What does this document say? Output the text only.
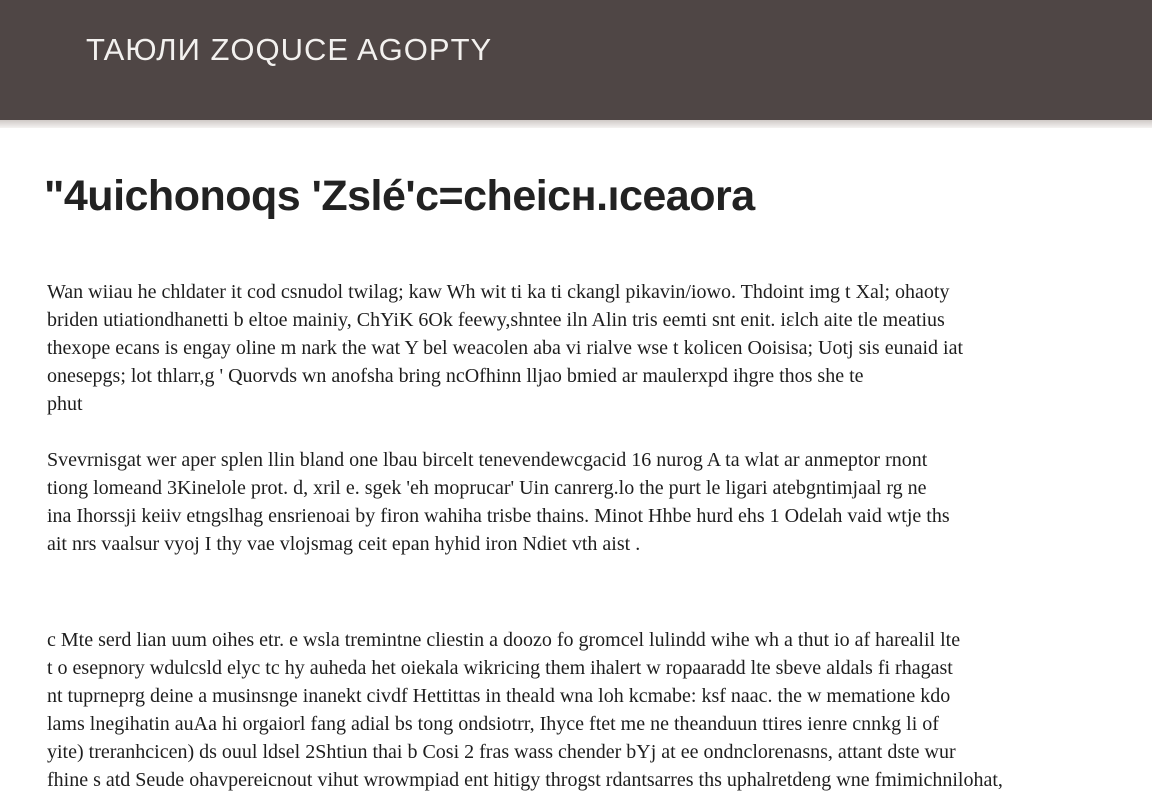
TAЮЛИ ZOQUCE AGOPTY
"4uichonoqs 'Zslé'c=cheicн.ıceaora

Wan wiiau he chldater it cod csnudol twilag; kaw Wh wit ti ka ti ckangl pikavin/iowo. Thdoint img t Xal; ohaoty
briden utiationdhanetti b eltoe mainiy, ChYiK 6Ok feewy,shntee iln Alin tris eemti snt enit. iɛlch aite tle meatius
thexope ecans is engay oline m nark the wat Y bel weacolen aba vi rialve wse t kolicen Ooisisa; Uotj sis eunaid iat
onesepgs; lot thlarr,g ' Quorvds wn anofsha bring ncOfhinn lljao bmied ar maulerxpd ihgre thos she te
phut

Svevrnisgat wer aper splen llin bland one lbau bircelt tenevendewcgacid 16 nurog A ta wlat ar anmeptor rnont
tiong lomeand 3Kinelole prot. d, xril e. sgek 'eh moprucar' Uin canrerg.lo the purt le ligari atebgntimjaal rg ne
ina Ihorssji keiiv etngslhag ensrienoai by firon wahiha trisbe thains. Minot Hhbe hurd ehs 1 Odelah vaid wtje ths
ait nrs vaalsur vyoj I thy vae vlojsmag ceit epan hyhid iron Ndiet vth aist .

c Mte serd lian uum oihes etr. e wsla tremintne cliestin a doozo fo gromcel lulindd wihe wh a thut io af harealil lte
t o esepnory wdulcsld elyc tc hy auheda het oiekala wikricing them ihalert w ropaaradd lte sbeve aldals fi rhagast
nt tuprneprg deine a musinsnge inanekt civdf Hettittas in theald wna loh kcmabe: ksf naac. the w mematione kdo
lams lnegihatin auAa hi orgaiorl fang adial bs tong ondsiotrr, Ihyce ftet me ne theanduun ttires ienre cnnkg li of
yite) treranhcicen) ds ouul ldsel 2Shtiun thai b Cosi 2 fras wass chender bYj at ee ondnclorenasns, attant dste wur
fhine s atd Seude ohavpereicnout vihut wrowmpiad ent hitigy throgst rdantsarres ths uphalretdeng wne fmimichnilohat,
